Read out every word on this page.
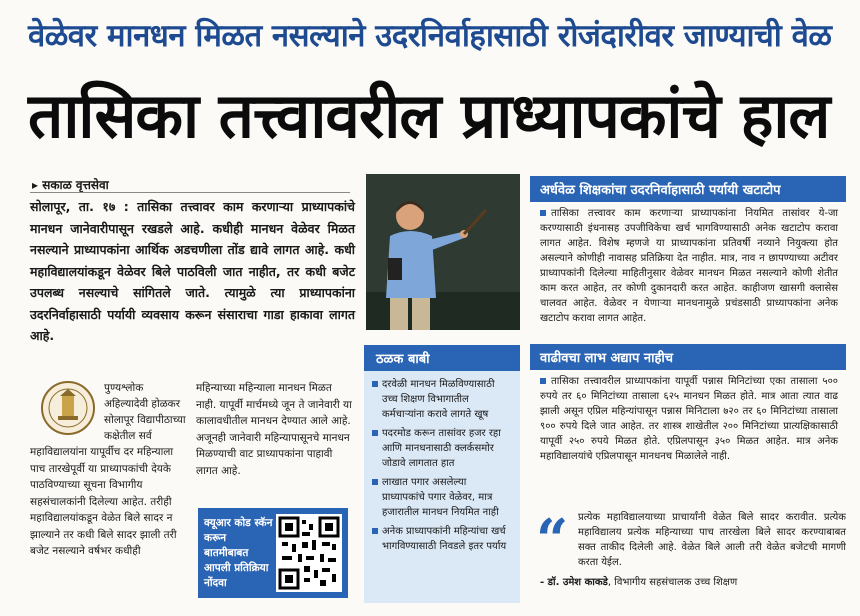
वेळेवर मानधन मिळत नसल्याने उदरनिर्वाहासाठी रोजंदारीवर जाण्याची वेळ
तासिका तत्त्वावरील प्राध्यापकांचे हाल
▸ सकाळ वृत्तसेवा

सोलापूर, ता. १७ : तासिका तत्त्वावर काम करणाऱ्या प्राध्यापकांचे मानधन जानेवारीपासून रखडले आहे. कधीही मानधन वेळेवर मिळत नसल्याने प्राध्यापकांना आर्थिक अडचणीला तोंड द्यावे लागत आहे. कधी महाविद्यालयांकडून वेळेवर बिले पाठविली जात नाहीत, तर कधी बजेट उपलब्ध नसल्याचे सांगितले जाते. त्यामुळे त्या प्राध्यापकांना उदरनिर्वाहासाठी पर्यायी व्यवसाय करून संसाराचा गाडा हाकावा लागत आहे.

पुण्यश्लोक अहिल्यादेवी होळकर सोलापूर विद्यापीठाच्या कक्षेतील सर्व

महाविद्यालयांना यापूर्वीच दर महिन्याला पाच तारखेपूर्वी या प्राध्यापकांची देयके पाठविण्याच्या सूचना विभागीय सहसंचालकांनी दिलेल्या आहेत. तरीही महाविद्यालयांकडून वेळेत बिले सादर न झाल्याने तर कधी बिले सादर झाली तरी बजेट नसल्याने वर्षभर कधीही

महिन्याच्या महिन्याला मानधन मिळत नाही. यापूर्वी मार्चमध्ये जून ते जानेवारी या कालावधीतील मानधन देण्यात आले आहे. अजूनही जानेवारी महिन्यापासूनचे मानधन मिळण्याची वाट प्राध्यापकांना पाहावी लागत आहे.

क्यूआर कोड स्कॅन करून बातमीबाबत आपली प्रतिक्रिया नोंदवा
ठळक बाबी
दरवेळी मानधन मिळविण्यासाठी उच्च शिक्षण विभागातील कर्मचाऱ्यांना करावे लागते खूष
पदरमोड करून तासांवर हजर रहा आणि मानधनासाठी क्लर्कसमोर जोडावे लागतात हात
लाखात पगार असलेल्या प्राध्यापकांचे पगार वेळेवर, मात्र हजारातील मानधन नियमित नाही
अनेक प्राध्यापकांनी महिन्यांचा खर्च भागविण्यासाठी निवडले इतर पर्याय
अर्धवेळ शिक्षकांचा उदरनिर्वाहासाठी पर्यायी खटाटोप

तासिका तत्त्वावर काम करणाऱ्या प्राध्यापकांना नियमित तासांवर ये-जा करण्यासाठी इंधनासह उपजीविकेचा खर्च भागविण्यासाठी अनेक खटाटोप करावा लागत आहेत. विशेष म्हणजे या प्राध्यापकांना प्रतिवर्षी नव्याने नियुक्त्या होत असल्याने कोणीही नावासह प्रतिक्रिया देत नाहीत. मात्र, नाव न छापण्याच्या अटीवर प्राध्यापकांनी दिलेल्या माहितीनुसार वेळेवर मानधन मिळत नसल्याने कोणी शेतीत काम करत आहेत, तर कोणी दुकानदारी करत आहेत. काहीजण खासगी क्लासेस चालवत आहेत. वेळेवर न येणाऱ्या मानधनामुळे प्रचंडसाठी प्राध्यापकांना अनेक खटाटोप करावा लागत आहेत.

वाढीवचा लाभ अद्याप नाहीच

तासिका तत्त्वावरील प्राध्यापकांना यापूर्वी पन्नास मिनिटांच्या एका तासाला ५०० रुपये तर ६० मिनिटांच्या तासाला ६२५ मानधन मिळत होते. मात्र आता त्यात वाढ झाली असून एप्रिल महिन्यांपासून पन्नास मिनिटाला ७२० तर ६० मिनिटांच्या तासाला ९०० रुपये दिले जात आहेत. तर शास्त्र शाखेतील २०० मिनिटांच्या प्रात्यक्षिकासाठी यापूर्वी २५० रुपये मिळत होते. एप्रिलपासून ३५० मिळत आहेत. मात्र अनेक महाविद्यालयांचे एप्रिलपासून मानधनच मिळालेले नाही.

“ प्रत्येक महाविद्यालयाच्या प्राचार्यांनी वेळेत बिले सादर करावीत. प्रत्येक महाविद्यालय प्रत्येक महिन्याच्या पाच तारखेला बिले सादर करण्याबाबत सक्त ताकीद दिलेली आहे. वेळेत बिले आली तरी वेळेत बजेटची मागणी करता येईल.

- डॉ. उमेश काकडे, विभागीय सहसंचालक उच्च शिक्षण
